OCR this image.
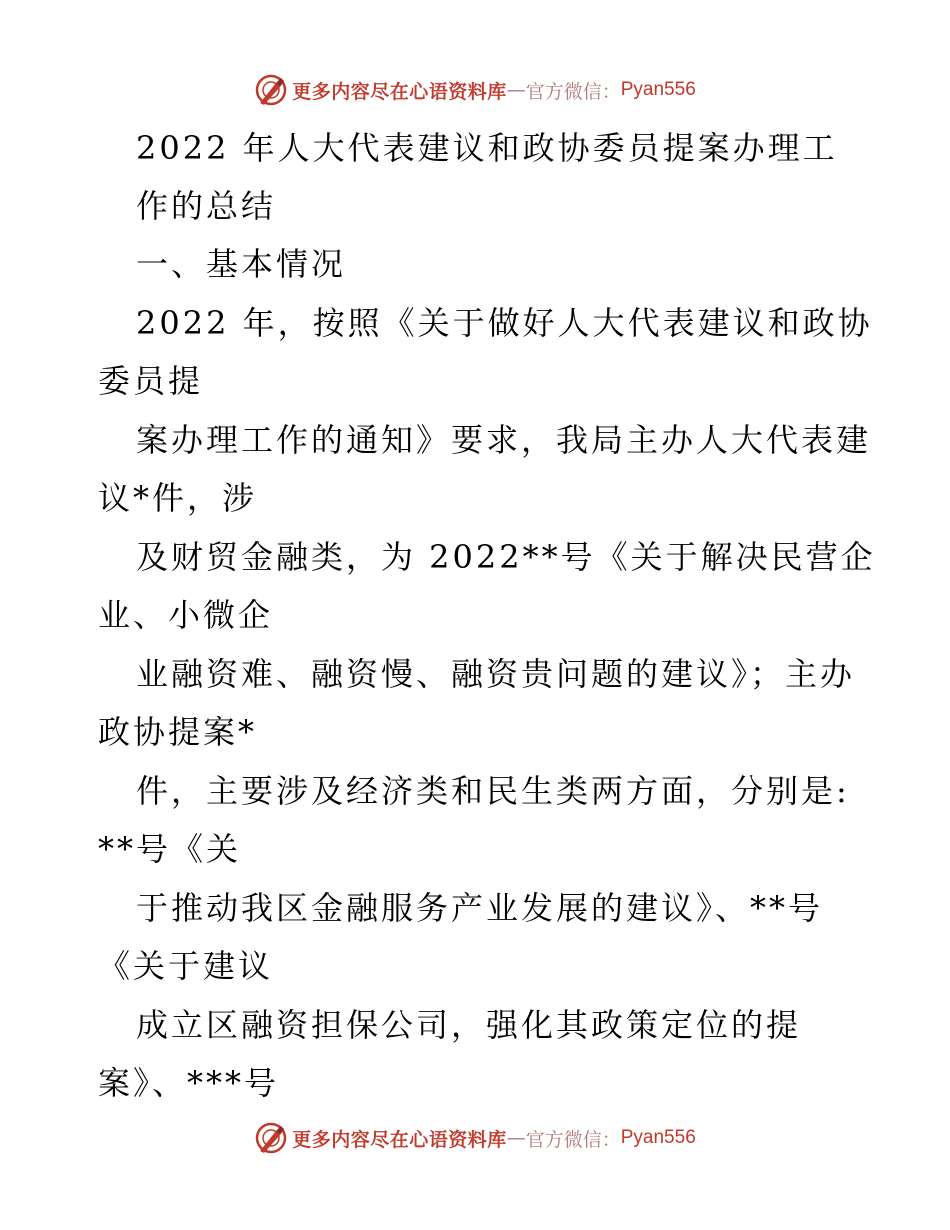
更多内容尽在心语资料库 — 官方微信： Pyan556
2022 年人大代表建议和政协委员提案办理工
作的总结
一、基本情况
2022 年，按照《关于做好人大代表建议和政协
委员提
案办理工作的通知》要求，我局主办人大代表建
议*件，涉
及财贸金融类，为 2022**号《关于解决民营企
业、小微企
业融资难、融资慢、融资贵问题的建议》；主办
政协提案*
件，主要涉及经济类和民生类两方面，分别是:
**号《关
于推动我区金融服务产业发展的建议》、**号
《关于建议
成立区融资担保公司，强化其政策定位的提
案》、***号
更多内容尽在心语资料库 — 官方微信： Pyan556
